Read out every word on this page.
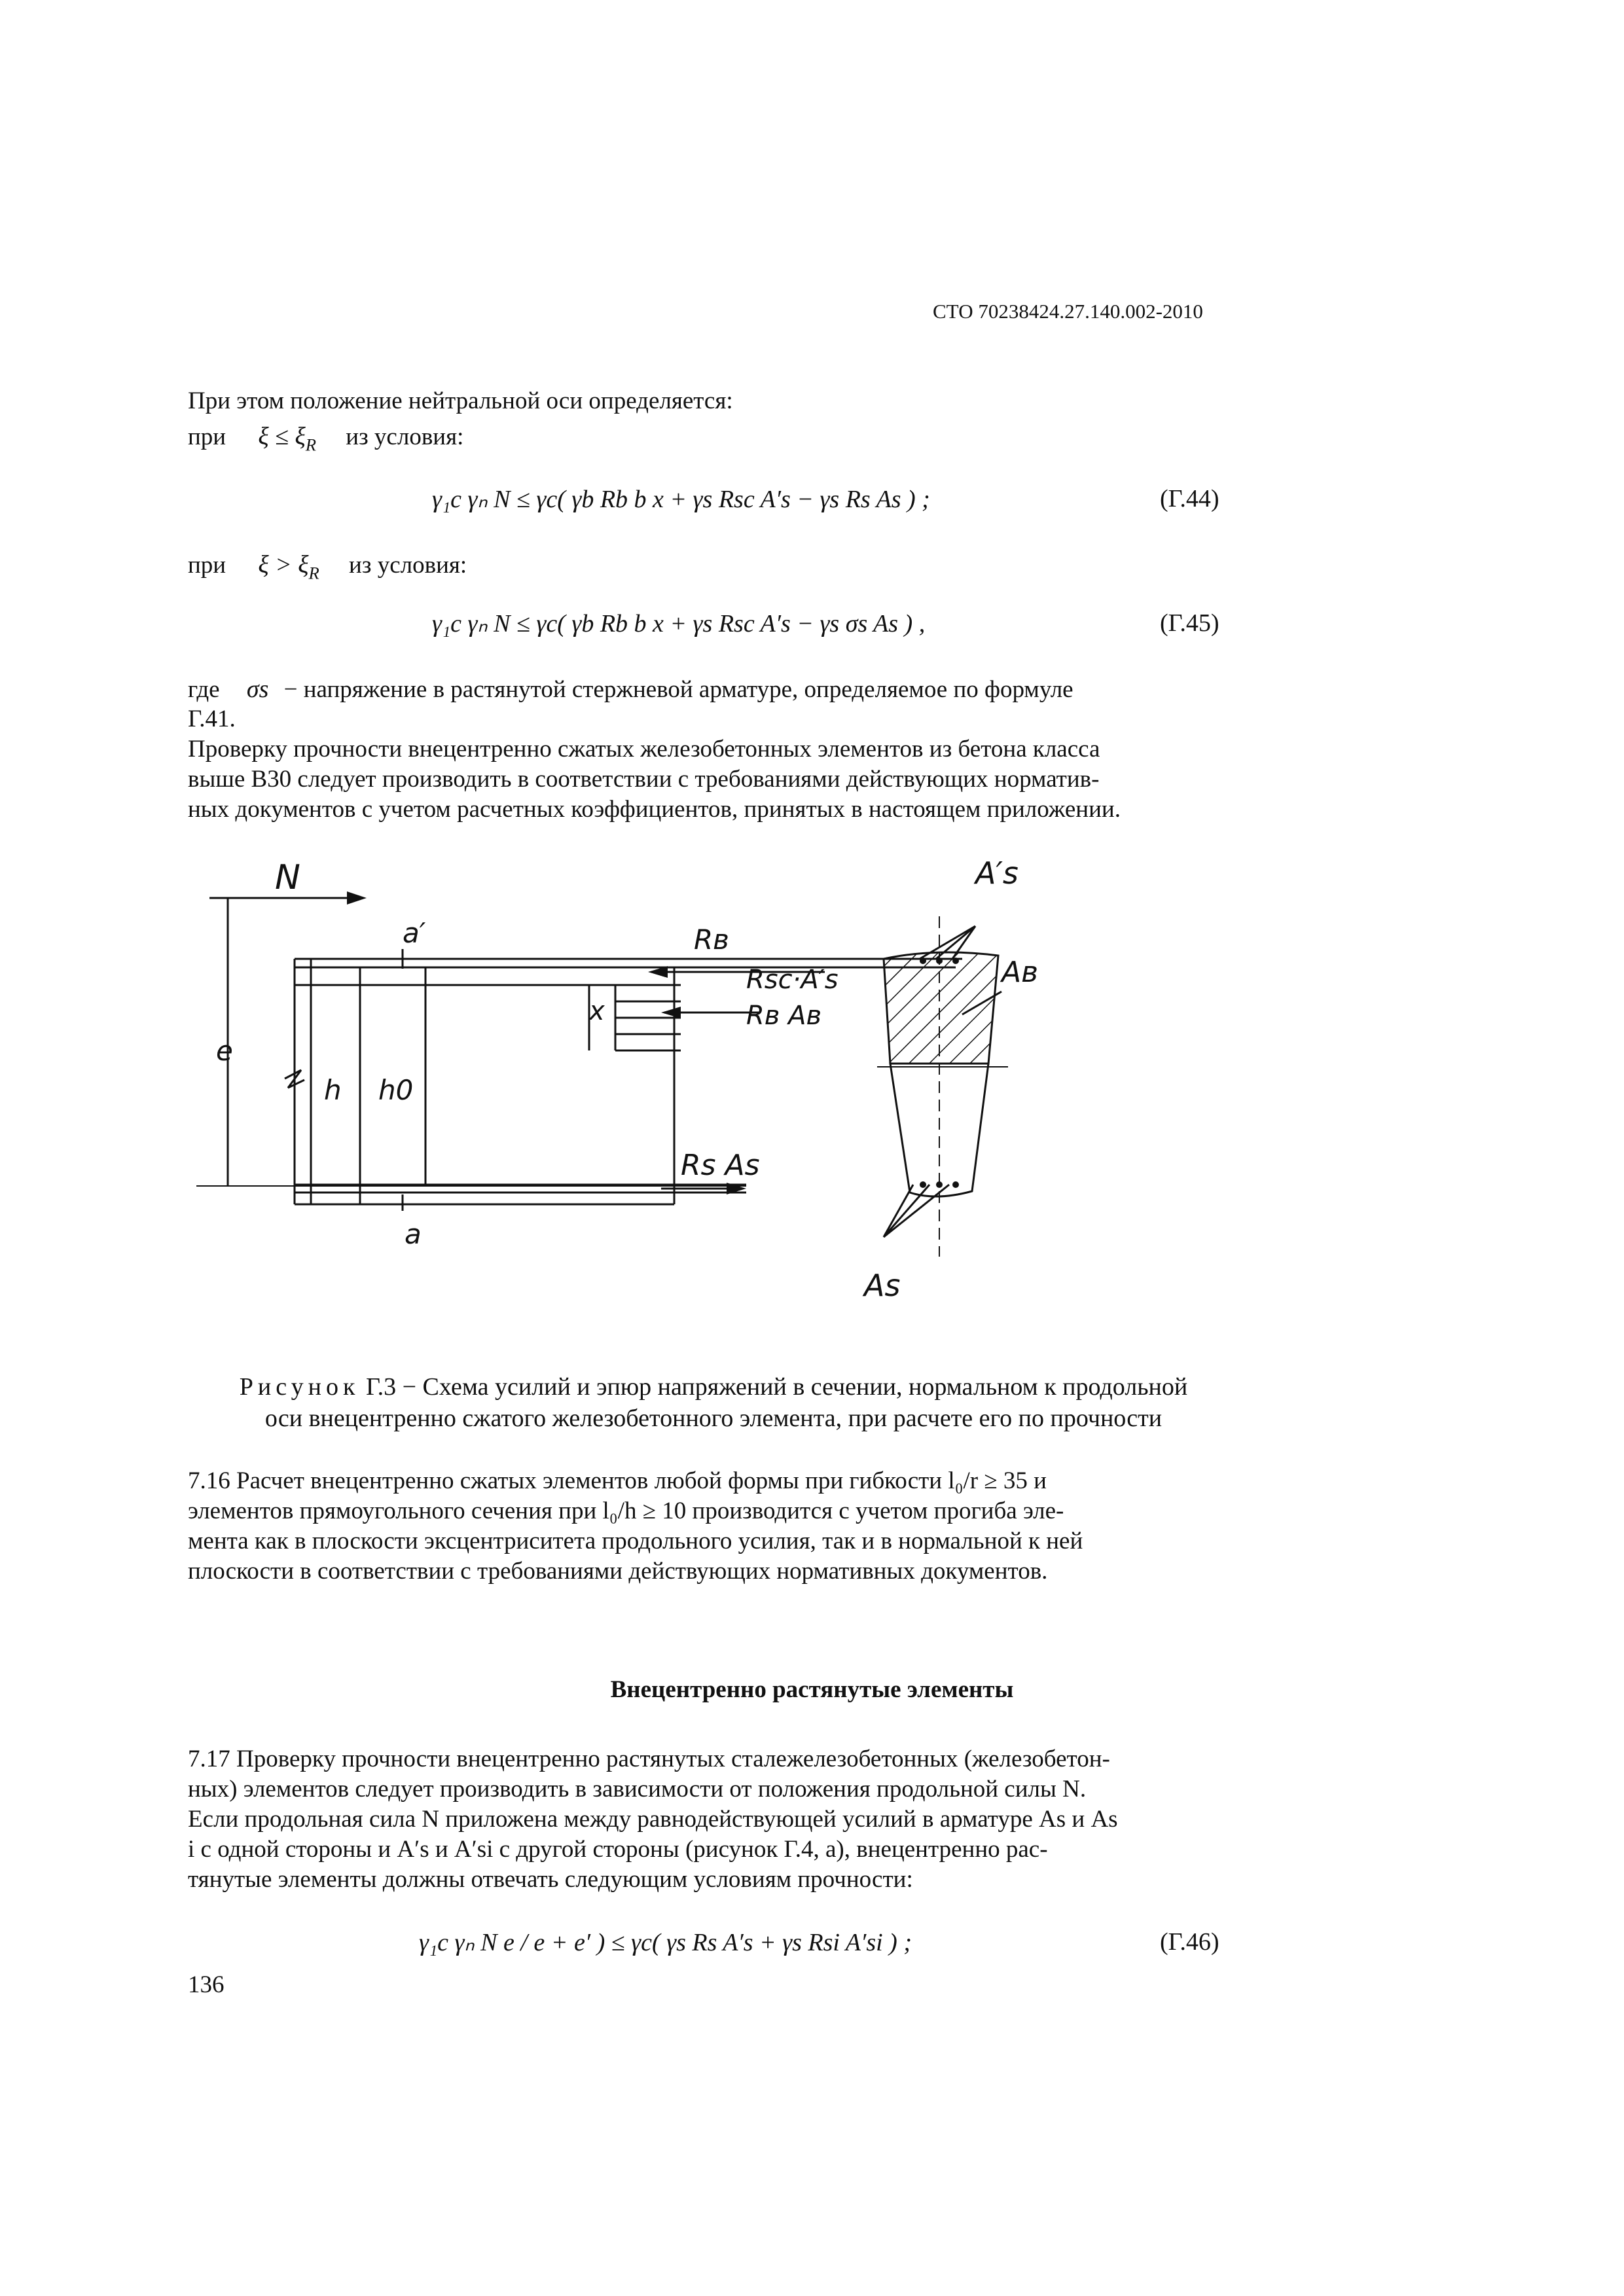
СТО 70238424.27.140.002-2010
При этом положение нейтральной оси определяется:
при $\xi \le \xi_R$ из условия:
γ₁c γₙ N ≤ γc( γb Rb b x + γs Rsc A′s − γs Rs As ) ;	(Г.44)
при $\xi > \xi_R$ из условия:
γ₁c γₙ N ≤ γc( γb Rb b x + γs Rsc A′s − γs σs As ) ,	(Г.45)
где σs − напряжение в растянутой стержневой арматуре, определяемое по формуле
Г.41.
Проверку прочности внецентренно сжатых железобетонных элементов из бетона класса
выше В30 следует производить в соответствии с требованиями действующих норматив-
ных документов с учетом расчетных коэффициентов, принятых в настоящем приложении.
N
a′	Rв
Rsc·A′s
Rв Aв
x
e
h h0
Rs As
a
A′s
Aв
As
Рисунок Г.3 − Схема усилий и эпюр напряжений в сечении, нормальном к продольной
оси внецентренно сжатого железобетонного элемента, при расчете его по прочности
7.16 Расчет внецентренно сжатых элементов любой формы при гибкости l₀/r ≥ 35 и
элементов прямоугольного сечения при l₀/h ≥ 10 производится с учетом прогиба эле-
мента как в плоскости эксцентриситета продольного усилия, так и в нормальной к ней
плоскости в соответствии с требованиями действующих нормативных документов.
Внецентренно растянутые элементы
7.17 Проверку прочности внецентренно растянутых сталежелезобетонных (железобетон-
ных) элементов следует производить в зависимости от положения продольной силы N.
Если продольная сила N приложена между равнодействующей усилий в арматуре As и As
i с одной стороны и A′s и A′si с другой стороны (рисунок Г.4, а), внецентренно рас-
тянутые элементы должны отвечать следующим условиям прочности:
γ₁c γₙ N e / e + e′ ) ≤ γc( γs Rs A′s + γs Rsi A′si ) ;	(Г.46)
136
